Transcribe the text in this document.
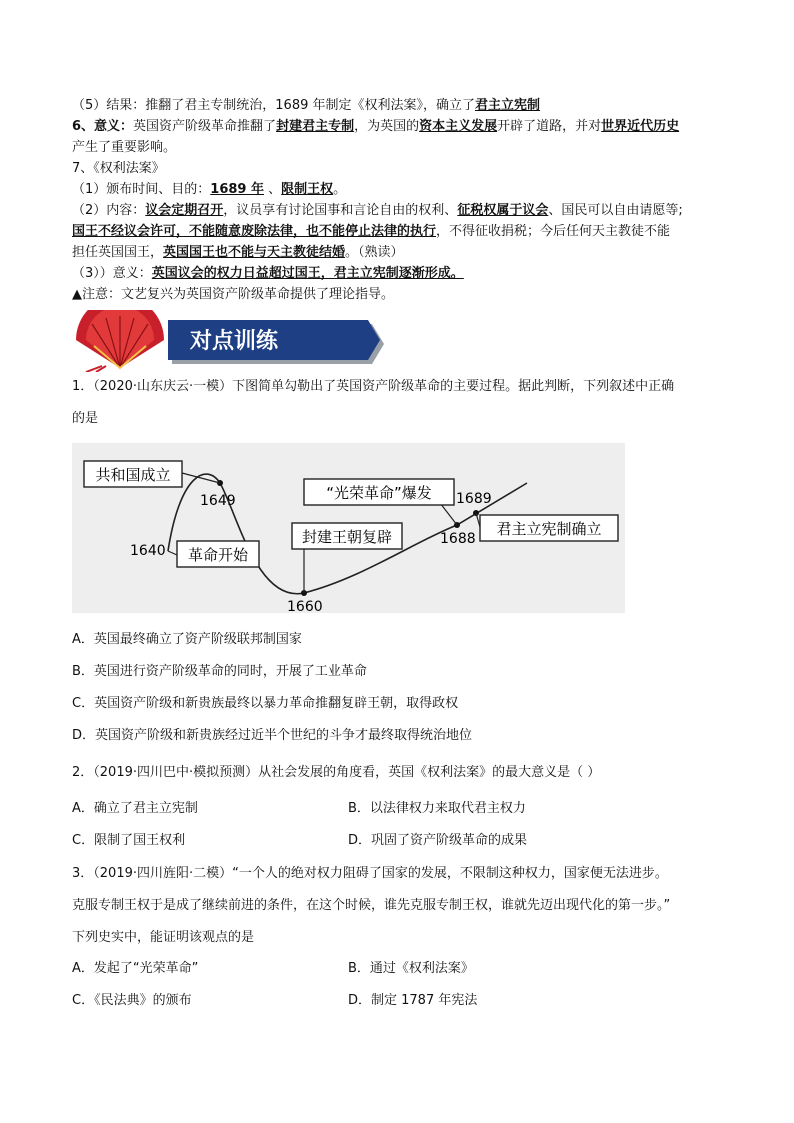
（5）结果：推翻了君主专制统治，1689 年制定《权利法案》，确立了君主立宪制
6、意义：英国资产阶级革命推翻了封建君主专制，为英国的资本主义发展开辟了道路，并对世界近代历史
产生了重要影响。
7、《权利法案》
（1）颁布时间、目的：1689 年 、限制王权。
（2）内容：议会定期召开，议员享有讨论国事和言论自由的权利、征税权属于议会、国民可以自由请愿等;
国王不经议会许可，不能随意废除法律，也不能停止法律的执行，不得征收捐税；今后任何天主教徒不能
担任英国国王，英国国王也不能与天主教徒结婚。（熟读）
（3））意义：英国议会的权力日益超过国王，君主立宪制逐渐形成。
▲注意：文艺复兴为英国资产阶级革命提供了理论指导。
对点训练
1．（2020·山东庆云·一模）下图简单勾勒出了英国资产阶级革命的主要过程。据此判断，下列叙述中正确
的是
共和国成立
革命开始
封建王朝复辟
“光荣革命”爆发
君主立宪制确立
1640
1649
1660
1688
1689
A．英国最终确立了资产阶级联邦制国家
B．英国进行资产阶级革命的同时，开展了工业革命
C．英国资产阶级和新贵族最终以暴力革命推翻复辟王朝，取得政权
D．英国资产阶级和新贵族经过近半个世纪的斗争才最终取得统治地位
2．（2019·四川巴中·模拟预测）从社会发展的角度看，英国《权利法案》的最大意义是（ ）
A．确立了君主立宪制	B．以法律权力来取代君主权力
C．限制了国王权利	D．巩固了资产阶级革命的成果
3．（2019·四川旌阳·二模）“一个人的绝对权力阻碍了国家的发展，不限制这种权力，国家便无法进步。
克服专制王权于是成了继续前进的条件，在这个时候，谁先克服专制王权，谁就先迈出现代化的第一步。”
下列史实中，能证明该观点的是
A．发起了“光荣革命”	B．通过《权利法案》
C．《民法典》的颁布	D．制定 1787 年宪法
